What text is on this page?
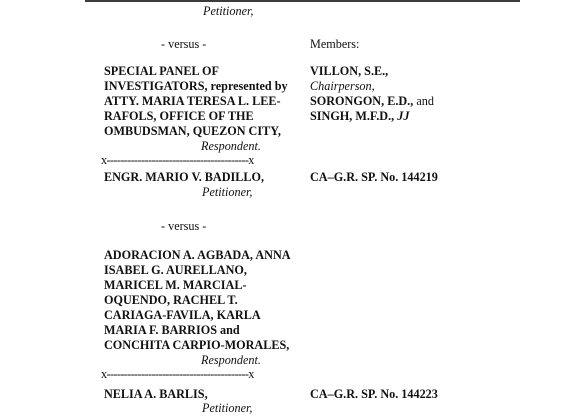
Petitioner,
- versus -	Members:
VILLON, S.E.,
Chairperson,
SORONGON, E.D., and
SINGH, M.F.D., JJ
SPECIAL PANEL OF
INVESTIGATORS, represented by
ATTY. MARIA TERESA L. LEE-
RAFOLS, OFFICE OF THE
OMBUDSMAN, QUEZON CITY,
Respondent.
x-----------------------------------------x
ENGR. MARIO V. BADILLO,
Petitioner,
CA–G.R. SP. No. 144219
- versus -
ADORACION A. AGBADA, ANNA
ISABEL G. AURELLANO,
MARICEL M. MARCIAL-
OQUENDO, RACHEL T.
CARIAGA-FAVILA, KARLA
MARIA F. BARRIOS and
CONCHITA CARPIO-MORALES,
Respondent.
x-----------------------------------------x
NELIA A. BARLIS,
Petitioner,
CA–G.R. SP. No. 144223
